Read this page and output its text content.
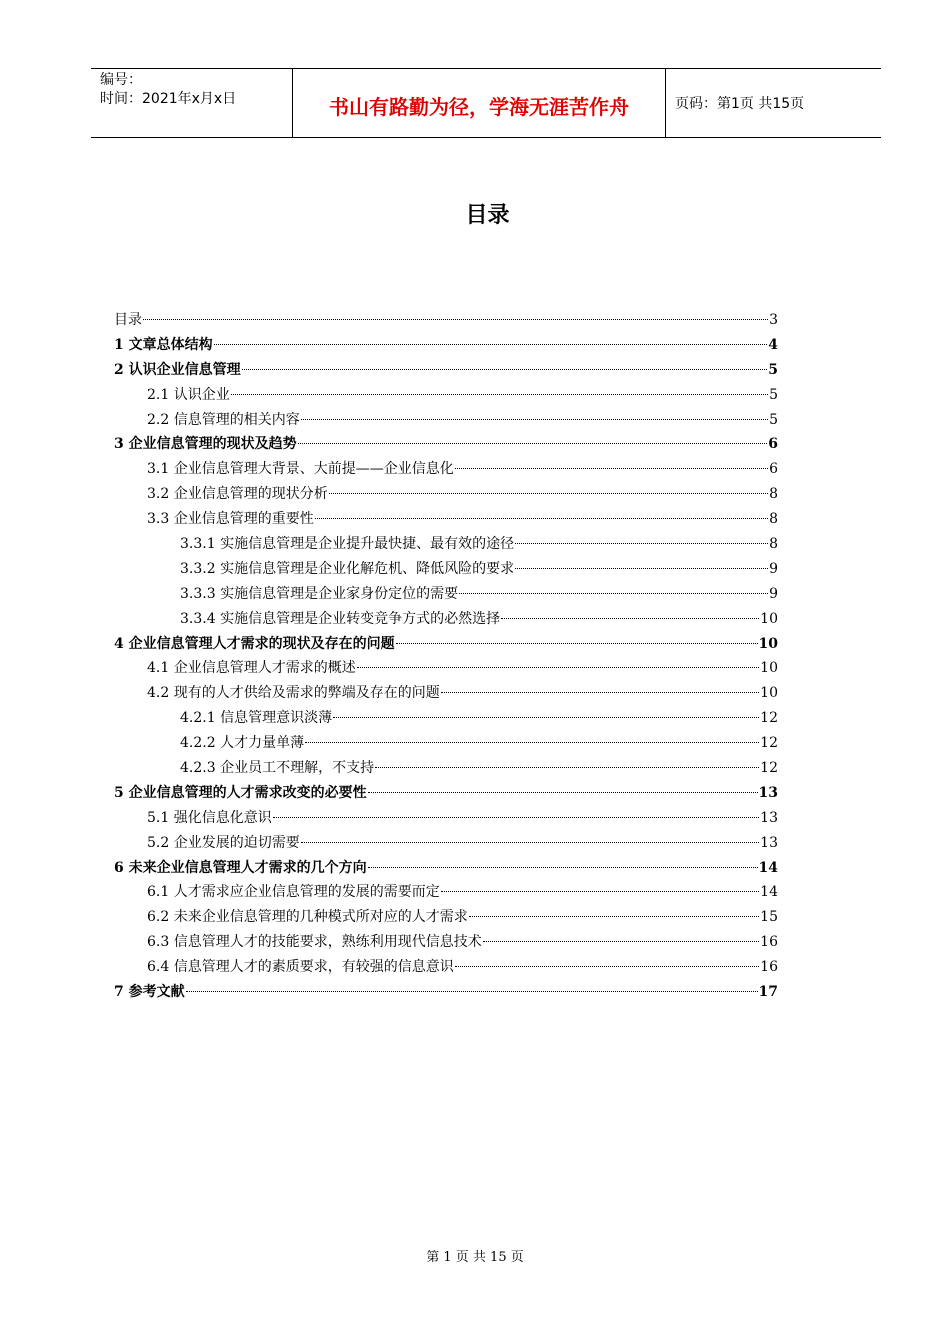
编号：
时间：2021年x月x日	书山有路勤为径，学海无涯苦作舟	页码：第1页 共15页
目录
目录	3
1 文章总体结构	4
2 认识企业信息管理	5
2.1 认识企业	5
2.2 信息管理的相关内容	5
3 企业信息管理的现状及趋势	6
3.1 企业信息管理大背景、大前提——企业信息化	6
3.2 企业信息管理的现状分析	8
3.3 企业信息管理的重要性	8
3.3.1 实施信息管理是企业提升最快捷、最有效的途径	8
3.3.2 实施信息管理是企业化解危机、降低风险的要求	9
3.3.3 实施信息管理是企业家身份定位的需要	9
3.3.4 实施信息管理是企业转变竞争方式的必然选择	10
4 企业信息管理人才需求的现状及存在的问题	10
4.1 企业信息管理人才需求的概述	10
4.2 现有的人才供给及需求的弊端及存在的问题	10
4.2.1 信息管理意识淡薄	12
4.2.2 人才力量单薄	12
4.2.3 企业员工不理解，不支持	12
5 企业信息管理的人才需求改变的必要性	13
5.1 强化信息化意识	13
5.2 企业发展的迫切需要	13
6 未来企业信息管理人才需求的几个方向	14
6.1 人才需求应企业信息管理的发展的需要而定	14
6.2 未来企业信息管理的几种模式所对应的人才需求	15
6.3 信息管理人才的技能要求，熟练利用现代信息技术	16
6.4 信息管理人才的素质要求，有较强的信息意识	16
7 参考文献	17
第 1 页 共 15 页
